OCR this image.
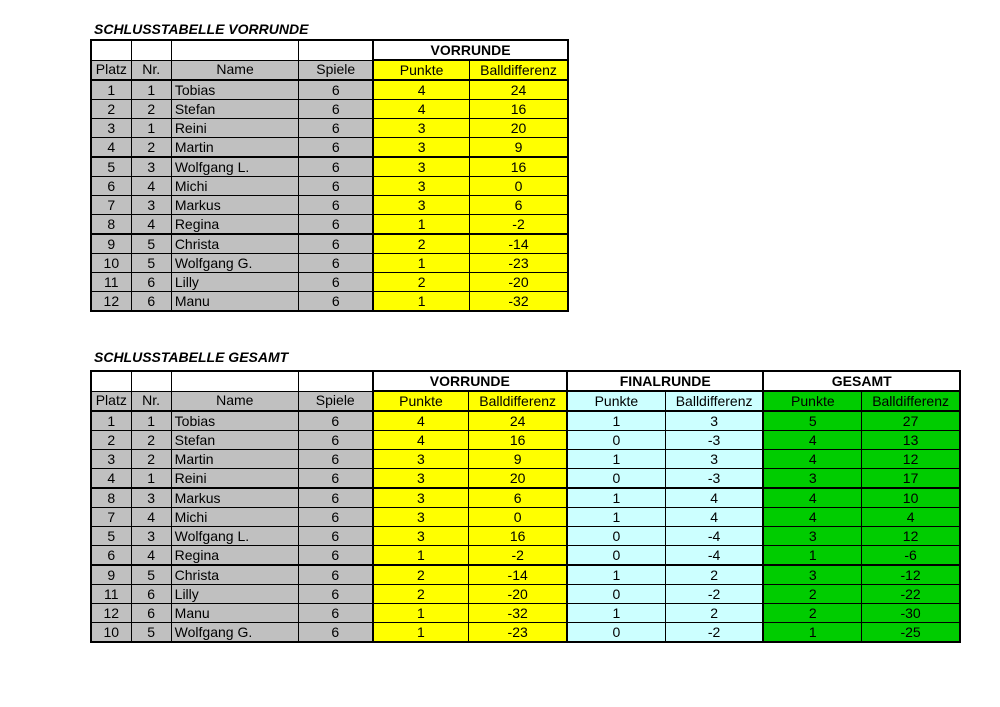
SCHLUSSTABELLE VORRUNDE
				VORRUNDE	
Platz	Nr.	Name	Spiele	Punkte	Balldifferenz
1	1	Tobias	6	4	24
2	2	Stefan	6	4	16
3	1	Reini	6	3	20
4	2	Martin	6	3	9
5	3	Wolfgang L.	6	3	16
6	4	Michi	6	3	0
7	3	Markus	6	3	6
8	4	Regina	6	1	-2
9	5	Christa	6	2	-14
10	5	Wolfgang G.	6	1	-23
11	6	Lilly	6	2	-20
12	6	Manu	6	1	-32
SCHLUSSTABELLE GESAMT
				VORRUNDE		FINALRUNDE		GESAMT	
Platz	Nr.	Name	Spiele	Punkte	Balldifferenz	Punkte	Balldifferenz	Punkte	Balldifferenz
1	1	Tobias	6	4	24	1	3	5	27
2	2	Stefan	6	4	16	0	-3	4	13
3	2	Martin	6	3	9	1	3	4	12
4	1	Reini	6	3	20	0	-3	3	17
8	3	Markus	6	3	6	1	4	4	10
7	4	Michi	6	3	0	1	4	4	4
5	3	Wolfgang L.	6	3	16	0	-4	3	12
6	4	Regina	6	1	-2	0	-4	1	-6
9	5	Christa	6	2	-14	1	2	3	-12
11	6	Lilly	6	2	-20	0	-2	2	-22
12	6	Manu	6	1	-32	1	2	2	-30
10	5	Wolfgang G.	6	1	-23	0	-2	1	-25
